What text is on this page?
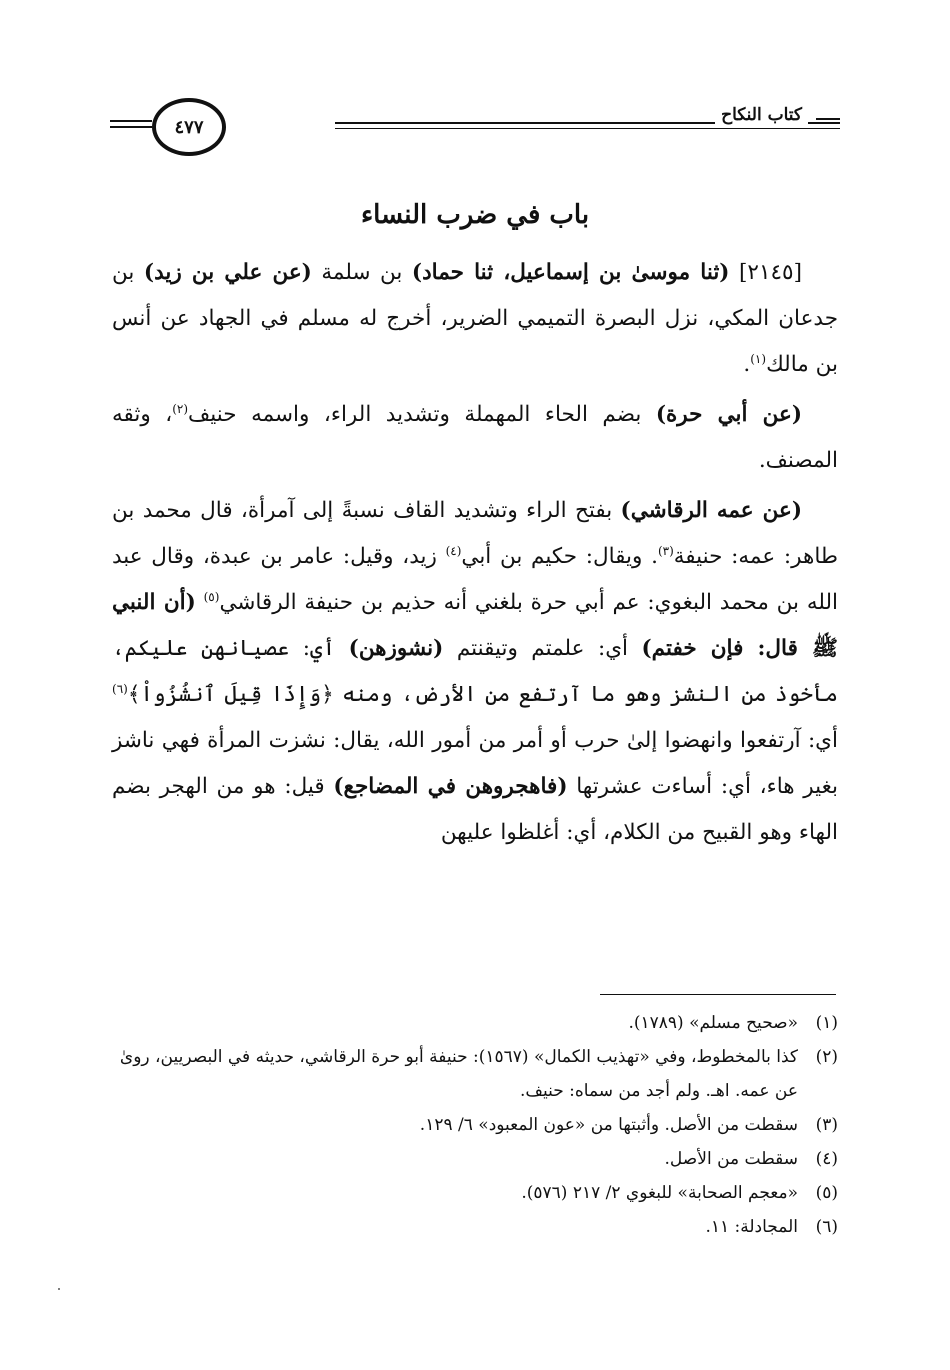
كتاب النكاح
٤٧٧
باب في ضرب النساء

[٢١٤٥] (ثنا موسىٰ بن إسماعيل، ثنا حماد) بن سلمة (عن علي بن زيد) بن جدعان المكي، نزل البصرة التميمي الضرير، أخرج له مسلم في الجهاد عن أنس بن مالك$^{(١)}$.

(عن أبي حرة) بضم الحاء المهملة وتشديد الراء، واسمه حنيف$^{(٢)}$، وثقه المصنف.

(عن عمه الرقاشي) بفتح الراء وتشديد القاف نسبةً إلى آمرأة، قال محمد بن طاهر: عمه: حنيفة$^{(٣)}$. ويقال: حكيم بن أبي$^{(٤)}$ زيد، وقيل: عامر بن عبدة، وقال عبد الله بن محمد البغوي: عم أبي حرة بلغني أنه حذيم بن حنيفة الرقاشي$^{(٥)}$ (أن النبي ﷺ قال: فإن خفتم) أي: علمتم وتيقنتم (نشوزهن) أي: عصيانهن عليكم، مأخوذ من النشز وهو ما آرتفع من الأرض، ومنه ﴿وَإِذَا قِيلَ ٱنشُزُواْ﴾$^{(٦)}$ أي: آرتفعوا وانهضوا إلىٰ حرب أو أمر من أمور الله، يقال: نشزت المرأة فهي ناشز بغير هاء، أي: أساءت عشرتها (فاهجروهن في المضاجع) قيل: هو من الهجر بضم الهاء وهو القبيح من الكلام، أي: أغلظوا عليهن

(١)
«صحيح مسلم» (١٧٨٩).
(٢)
كذا بالمخطوط، وفي «تهذيب الكمال» (١٥٦٧): حنيفة أبو حرة الرقاشي، حديثه في البصريين، روىٰ عن عمه. اهـ. ولم أجد من سماه: حنيف.
(٣)
سقطت من الأصل. وأثبتها من «عون المعبود» ٦/ ١٢٩.
(٤)
سقطت من الأصل.
(٥)
«معجم الصحابة» للبغوي ٢/ ٢١٧ (٥٧٦).
(٦)
المجادلة: ١١.
